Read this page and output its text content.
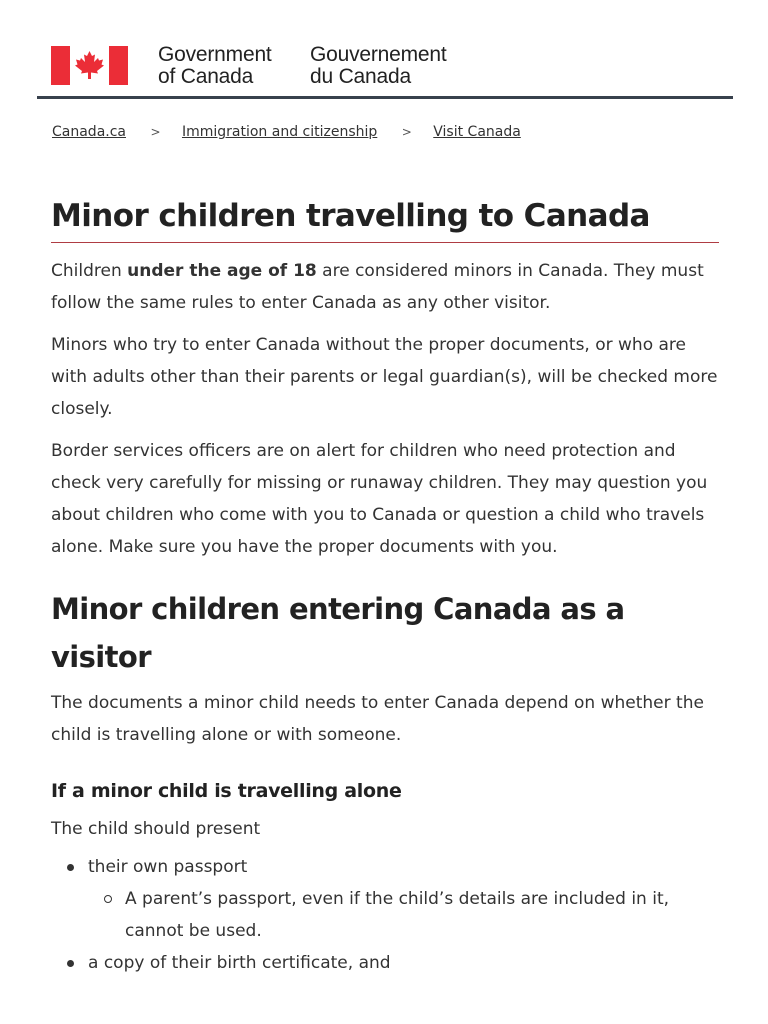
Government
of Canada
Gouvernement
du Canada
Canada.ca > Immigration and citizenship > Visit Canada
Minor children travelling to Canada

Children under the age of 18 are considered minors in Canada. They must follow the same rules to enter Canada as any other visitor.

Minors who try to enter Canada without the proper documents, or who are with adults other than their parents or legal guardian(s), will be checked more closely.

Border services officers are on alert for children who need protection and check very carefully for missing or runaway children. They may question you about children who come with you to Canada or question a child who travels alone. Make sure you have the proper documents with you.

Minor children entering Canada as a visitor

The documents a minor child needs to enter Canada depend on whether the child is travelling alone or with someone.

If a minor child is travelling alone

The child should present

their own passport
A parent’s passport, even if the child’s details are included in it, cannot be used.
a copy of their birth certificate, and
